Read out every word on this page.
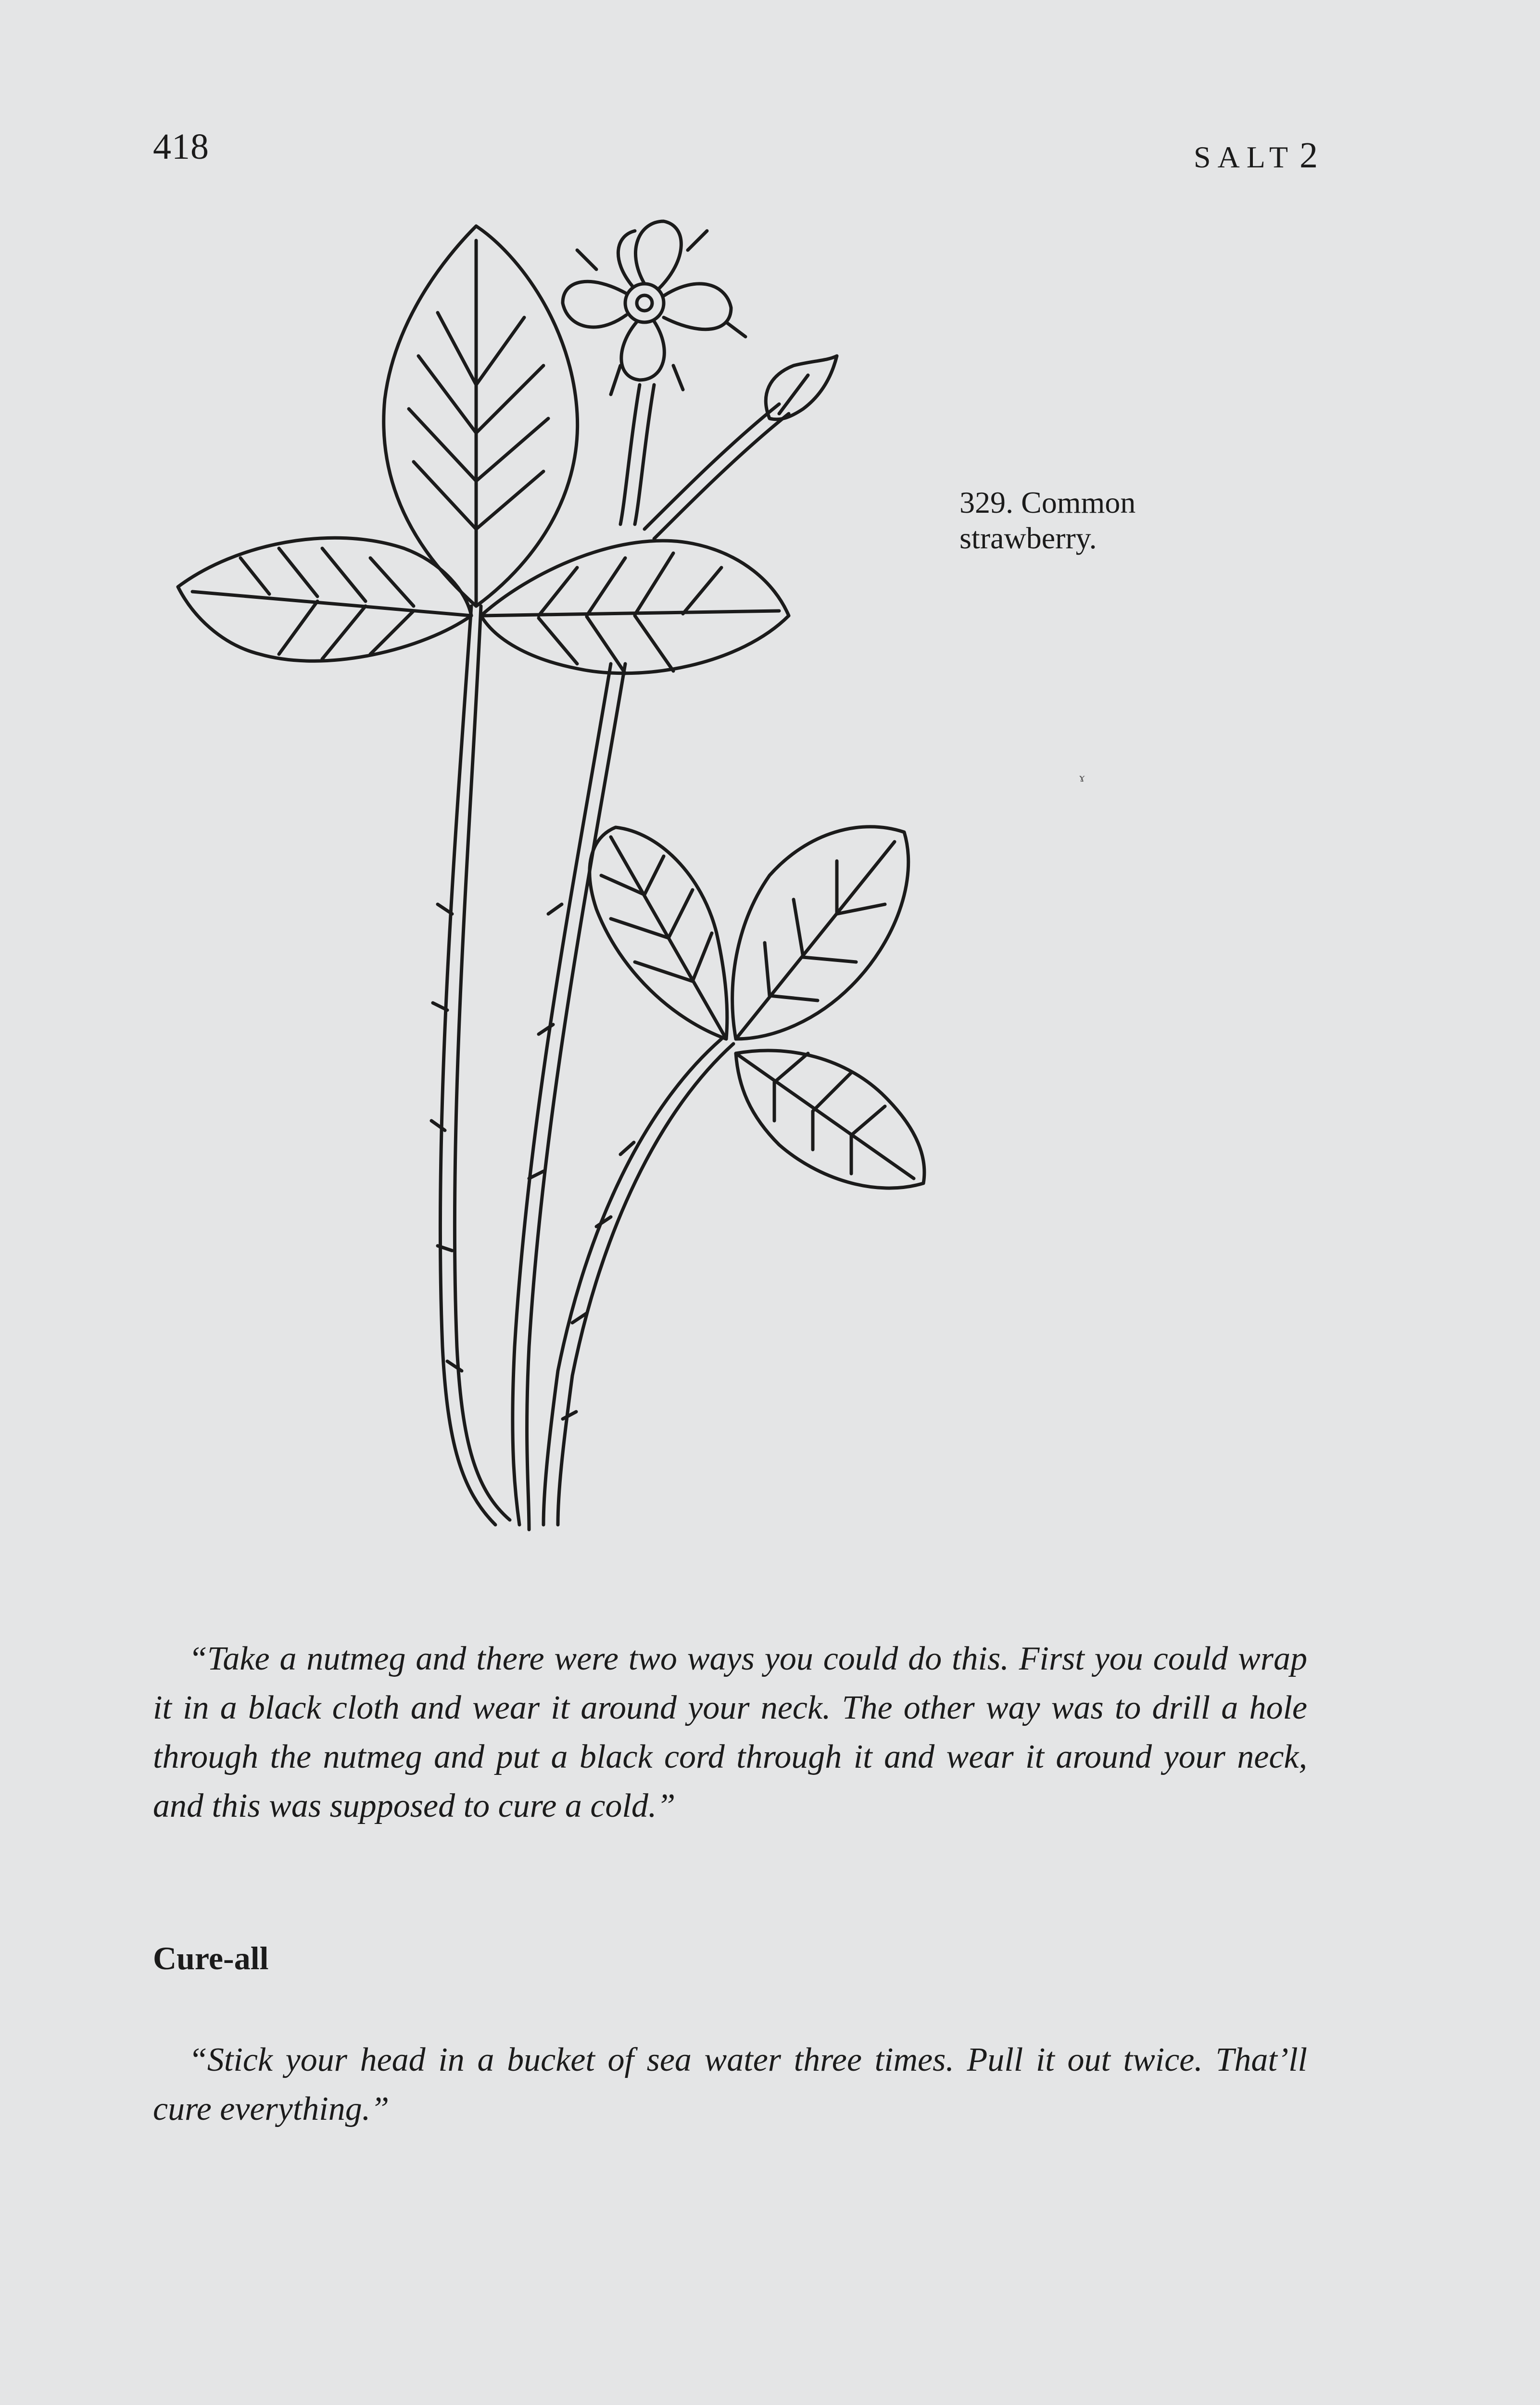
418	SALT 2
329. Common
strawberry.
ɤ

“Take a nutmeg and there were two ways you could do this. First you could wrap it in a black cloth and wear it around your neck. The other way was to drill a hole through the nutmeg and put a black cord through it and wear it around your neck, and this was supposed to cure a cold.”

Cure-all

“Stick your head in a bucket of sea water three times. Pull it out twice. That’ll cure everything.”
